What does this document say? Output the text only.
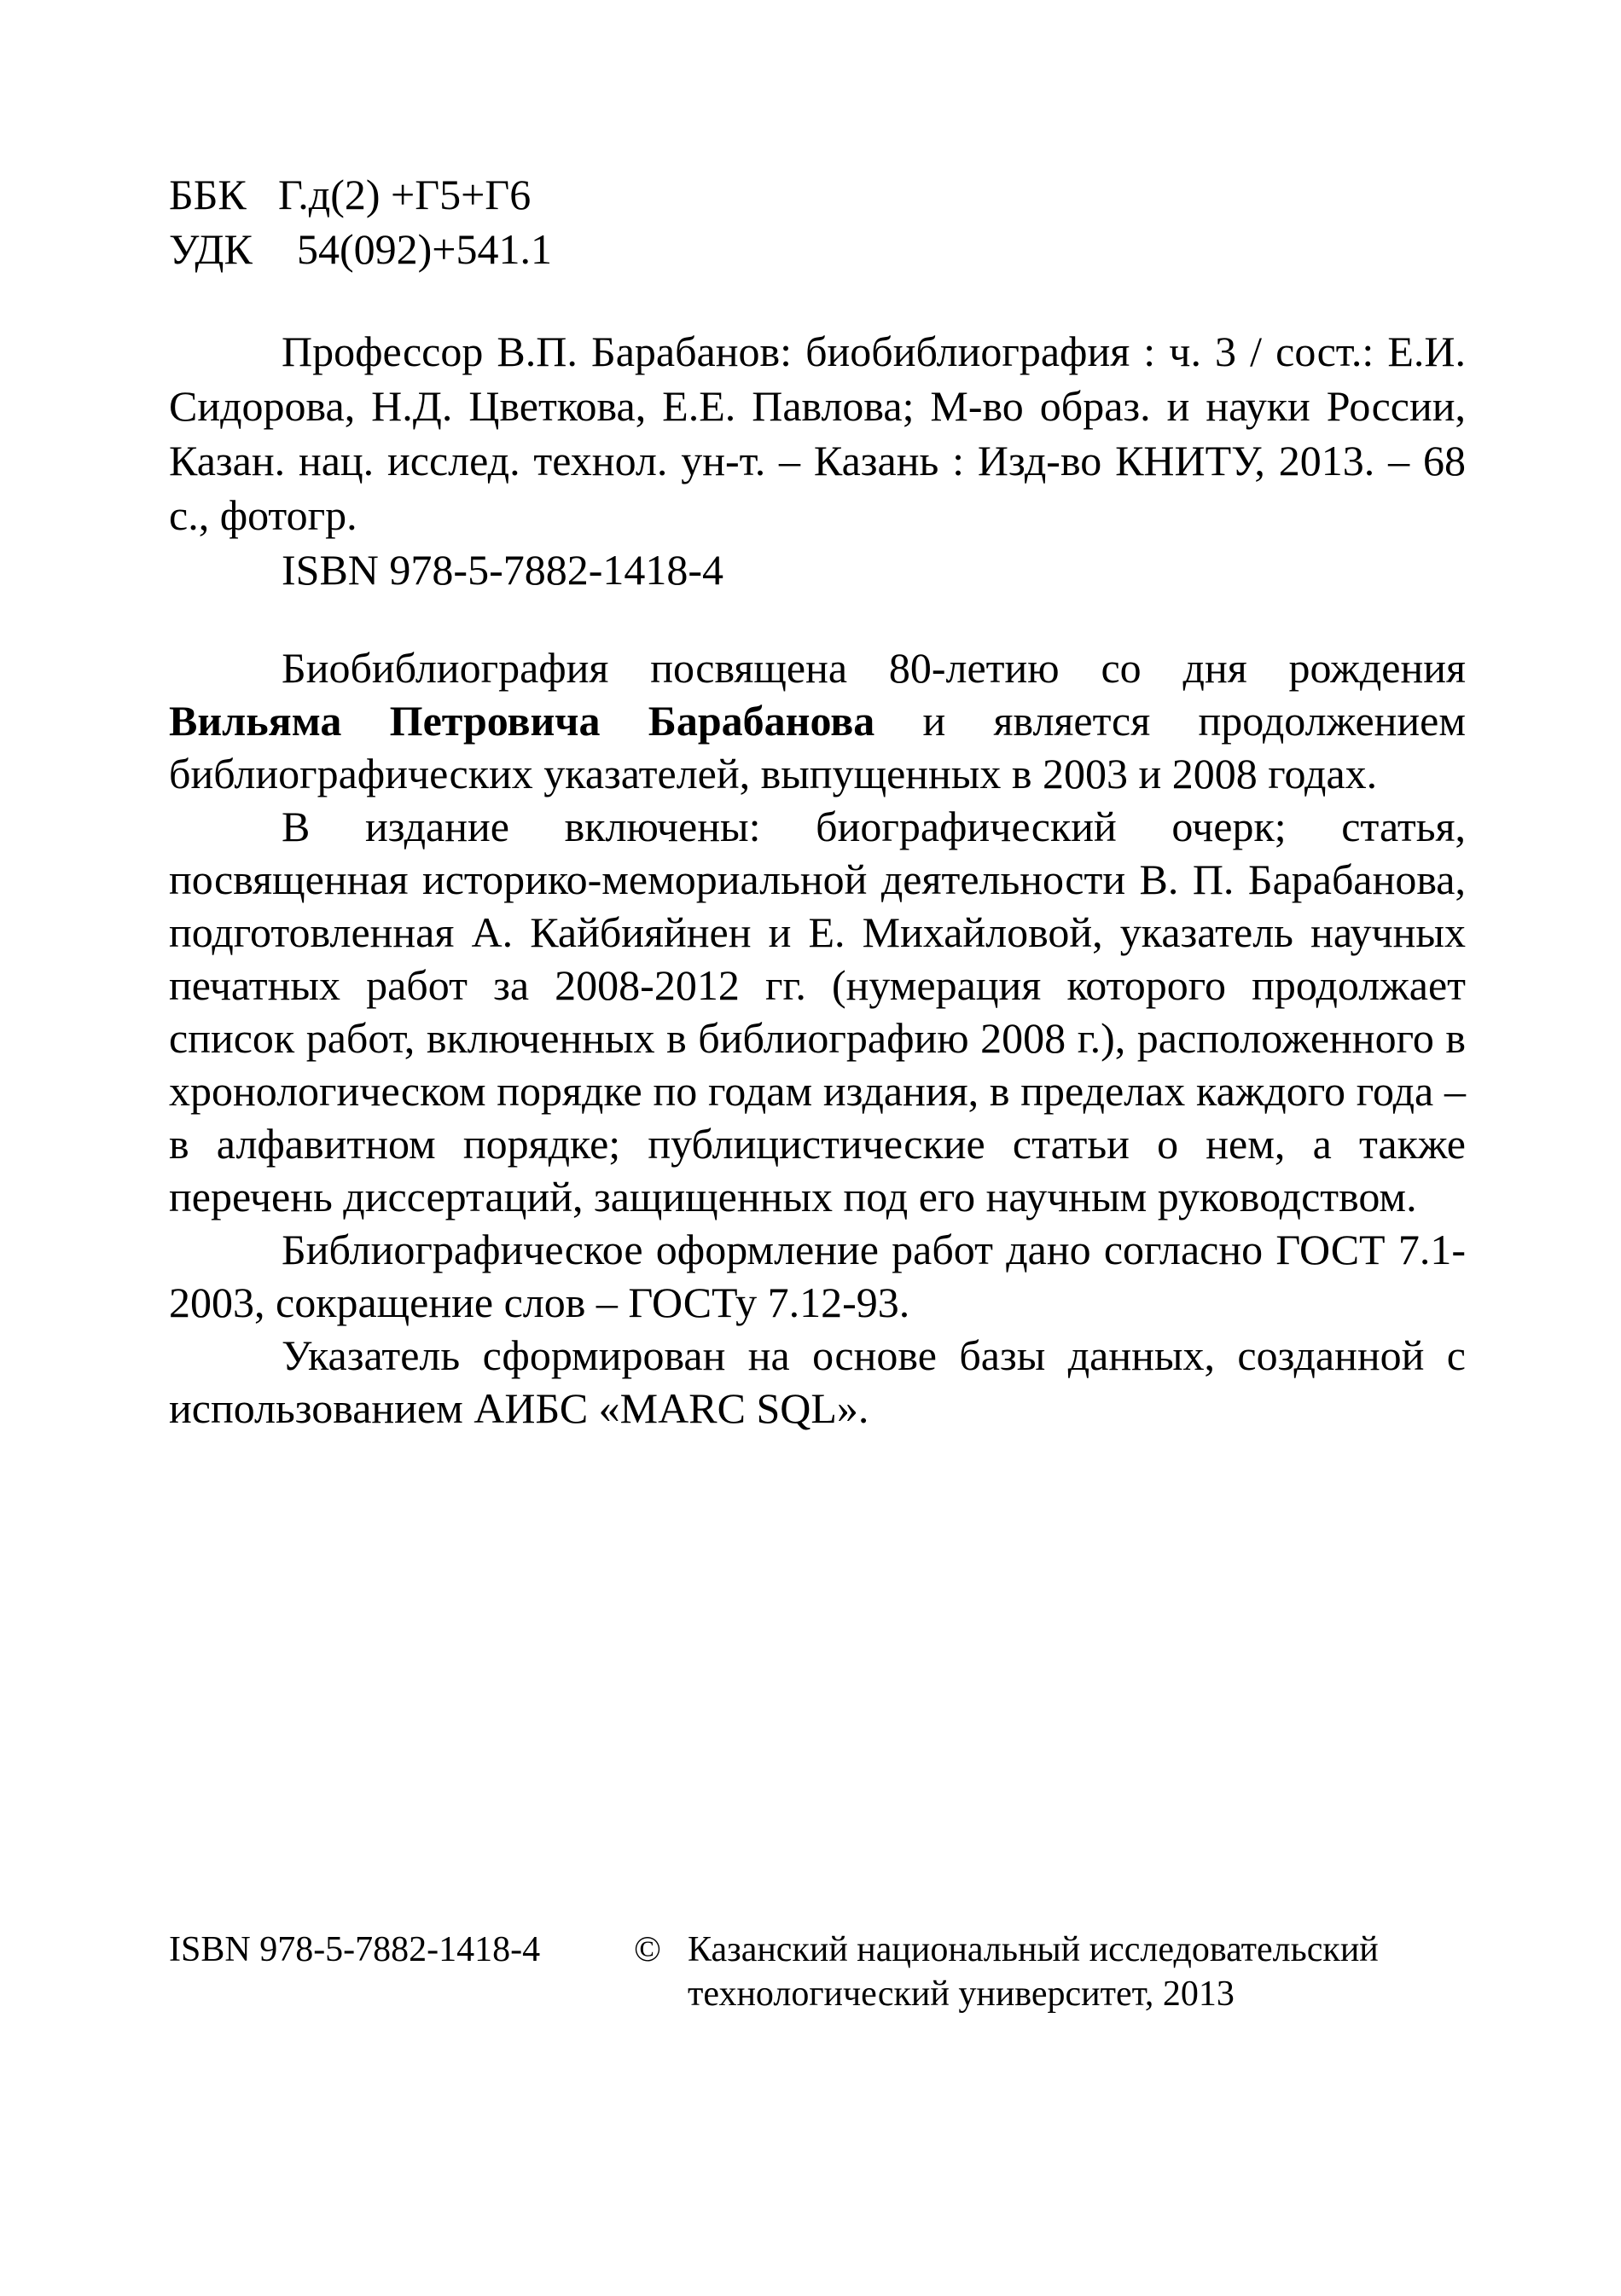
ББК Г.д(2) +Г5+Г6
УДК 54(092)+541.1

Профессор В.П. Барабанов: биобиблиография : ч. 3 / сост.: Е.И. Сидорова, Н.Д. Цветкова, Е.Е. Павлова; М-во образ. и науки России, Казан. нац. исслед. технол. ун-т. – Казань : Изд-во КНИТУ, 2013. – 68 с., фотогр.

ISBN 978-5-7882-1418-4

Биобиблиография посвящена 80-летию со дня рождения Вильяма Петровича Барабанова и является продолжением библиографических указателей, выпущенных в 2003 и 2008 годах.

В издание включены: биографический очерк; статья, посвященная историко-мемориальной деятельности В. П. Барабанова, подготовленная А. Кайбияйнен и Е. Михайловой, указатель научных печатных работ за 2008-2012 гг. (нумерация которого продолжает список работ, включенных в библиографию 2008 г.), расположенного в хронологическом порядке по годам издания, в пределах каждого года – в алфавитном порядке; публицистические статьи о нем, а также перечень диссертаций, защищенных под его научным руководством.

Библиографическое оформление работ дано согласно ГОСТ 7.1-2003, сокращение слов – ГОСТу 7.12-93.

Указатель сформирован на основе базы данных, созданной с использованием АИБС «MARC SQL».

ISBN 978-5-7882-1418-4	© Казанский национальный исследовательский
технологический университет, 2013
